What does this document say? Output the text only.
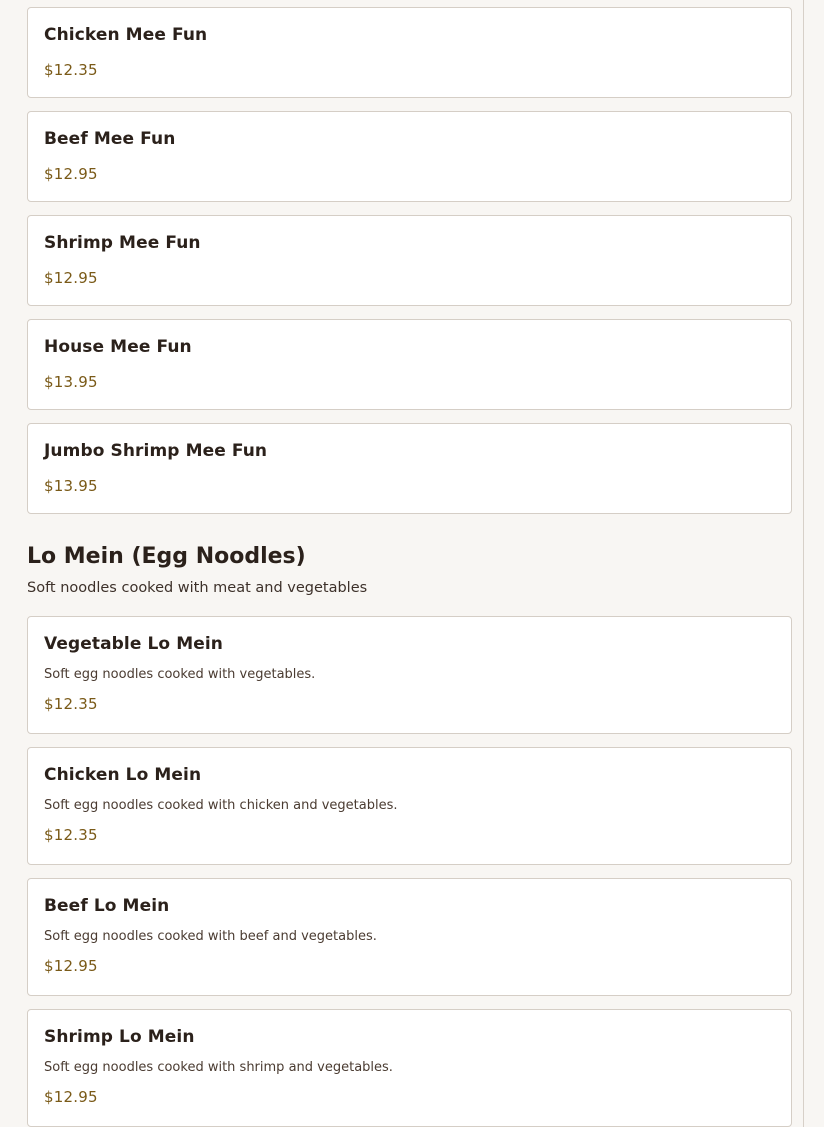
Chicken Mee Fun
$12.35
Beef Mee Fun
$12.95
Shrimp Mee Fun
$12.95
House Mee Fun
$13.95
Jumbo Shrimp Mee Fun
$13.95
Lo Mein (Egg Noodles)
Soft noodles cooked with meat and vegetables
Vegetable Lo Mein
Soft egg noodles cooked with vegetables.
$12.35
Chicken Lo Mein
Soft egg noodles cooked with chicken and vegetables.
$12.35
Beef Lo Mein
Soft egg noodles cooked with beef and vegetables.
$12.95
Shrimp Lo Mein
Soft egg noodles cooked with shrimp and vegetables.
$12.95
